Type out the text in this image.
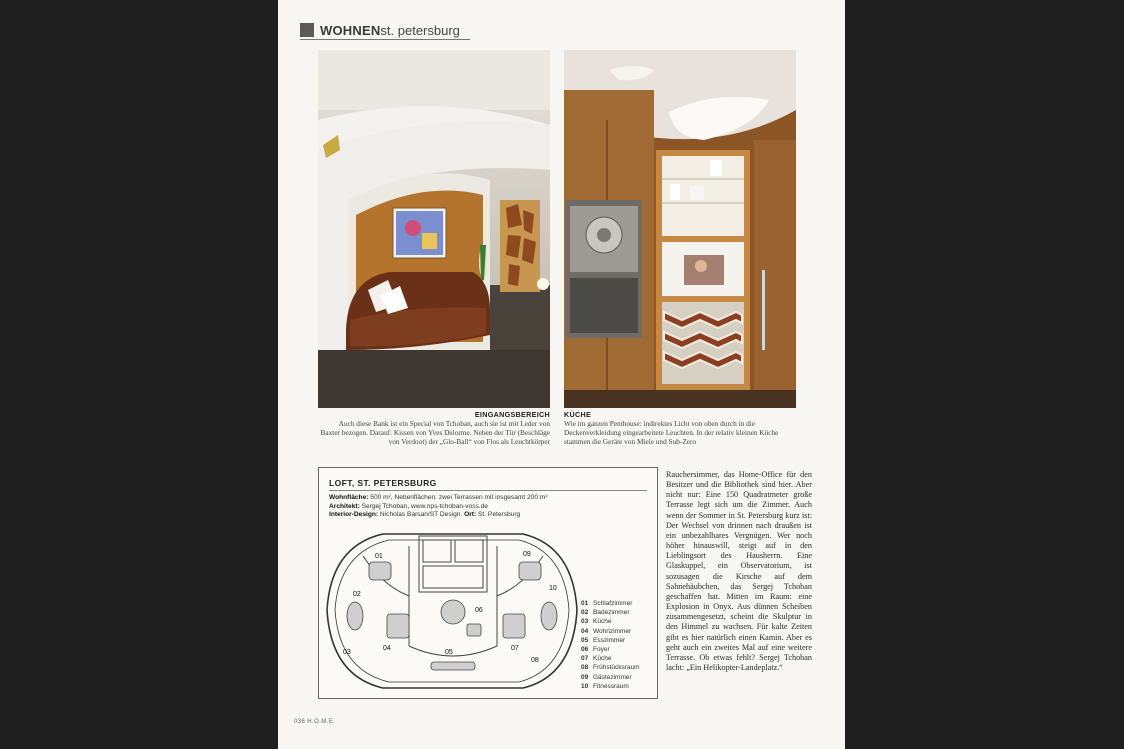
WOHNEN st. petersburg
EINGANGSBEREICH
Auch diese Bank ist ein Special von Tchoban, auch sie ist mit Leder von Baxter bezogen. Darauf: Kissen von Yves Delorme. Neben der Tür (Beschläge von Verdoot) der „Glo-Ball“ von Flos als Leuchtkörper
KÜCHE
Wie im ganzen Penthouse: indirektes Licht von oben durch in die Deckenverkleidung eingearbeitete Leuchten. In der relativ kleinen Küche stammen die Geräte von Miele und Sub-Zero
LOFT, ST. PETERSBURG
Wohnfläche: 500 m², Nebenflächen: zwei Terrassen mit insgesamt 200 m²
Architekt: Sergej Tchoban, www.nps-tchoban-voss.de
Interior-Design: Nicholas Barsan/ST Design. Ort: St. Petersburg
01
02
03
04
05
06
07
08
09
10
01 Schlafzimmer
02 Badezimmer
03 Küche
04 Wohnzimmer
05 Esszimmer
06 Foyer
07 Küche
08 Frühstücksraum
09 Gästezimmer
10 Fitnessraum
Rauchersimmer, das Home-Office für den Besitzer und die Bibliothek sind hier. Aber nicht nur: Eine 150 Quadratmeter große Terrasse legt sich um die Zimmer. Auch wenn der Sommer in St. Petersburg kurz ist: Der Wechsel von drinnen nach draußen ist ein unbezahlbares Vergnügen. Wer noch höher hinauswill, steigt auf in den Lieblingsort des Hausherrn. Eine Glaskuppel, ein Observatorium, ist sozusagen die Kirsche auf dem Sahnehäubchen, das Sergej Tchoban geschaffen hat. Mitten im Raum: eine Explosion in Onyx. Aus dünnen Scheiben zusammengesetzt, scheint die Skulptur in den Himmel zu wachsen. Für kalte Zeiten gibt es hier natürlich einen Kamin. Aber es geht auch ein zweites Mal auf eine weitere Terrasse. Ob etwas fehlt? Sergej Tchoban lacht: „Ein Helikopter-Landeplatz.“
036 H.O.M.E.
